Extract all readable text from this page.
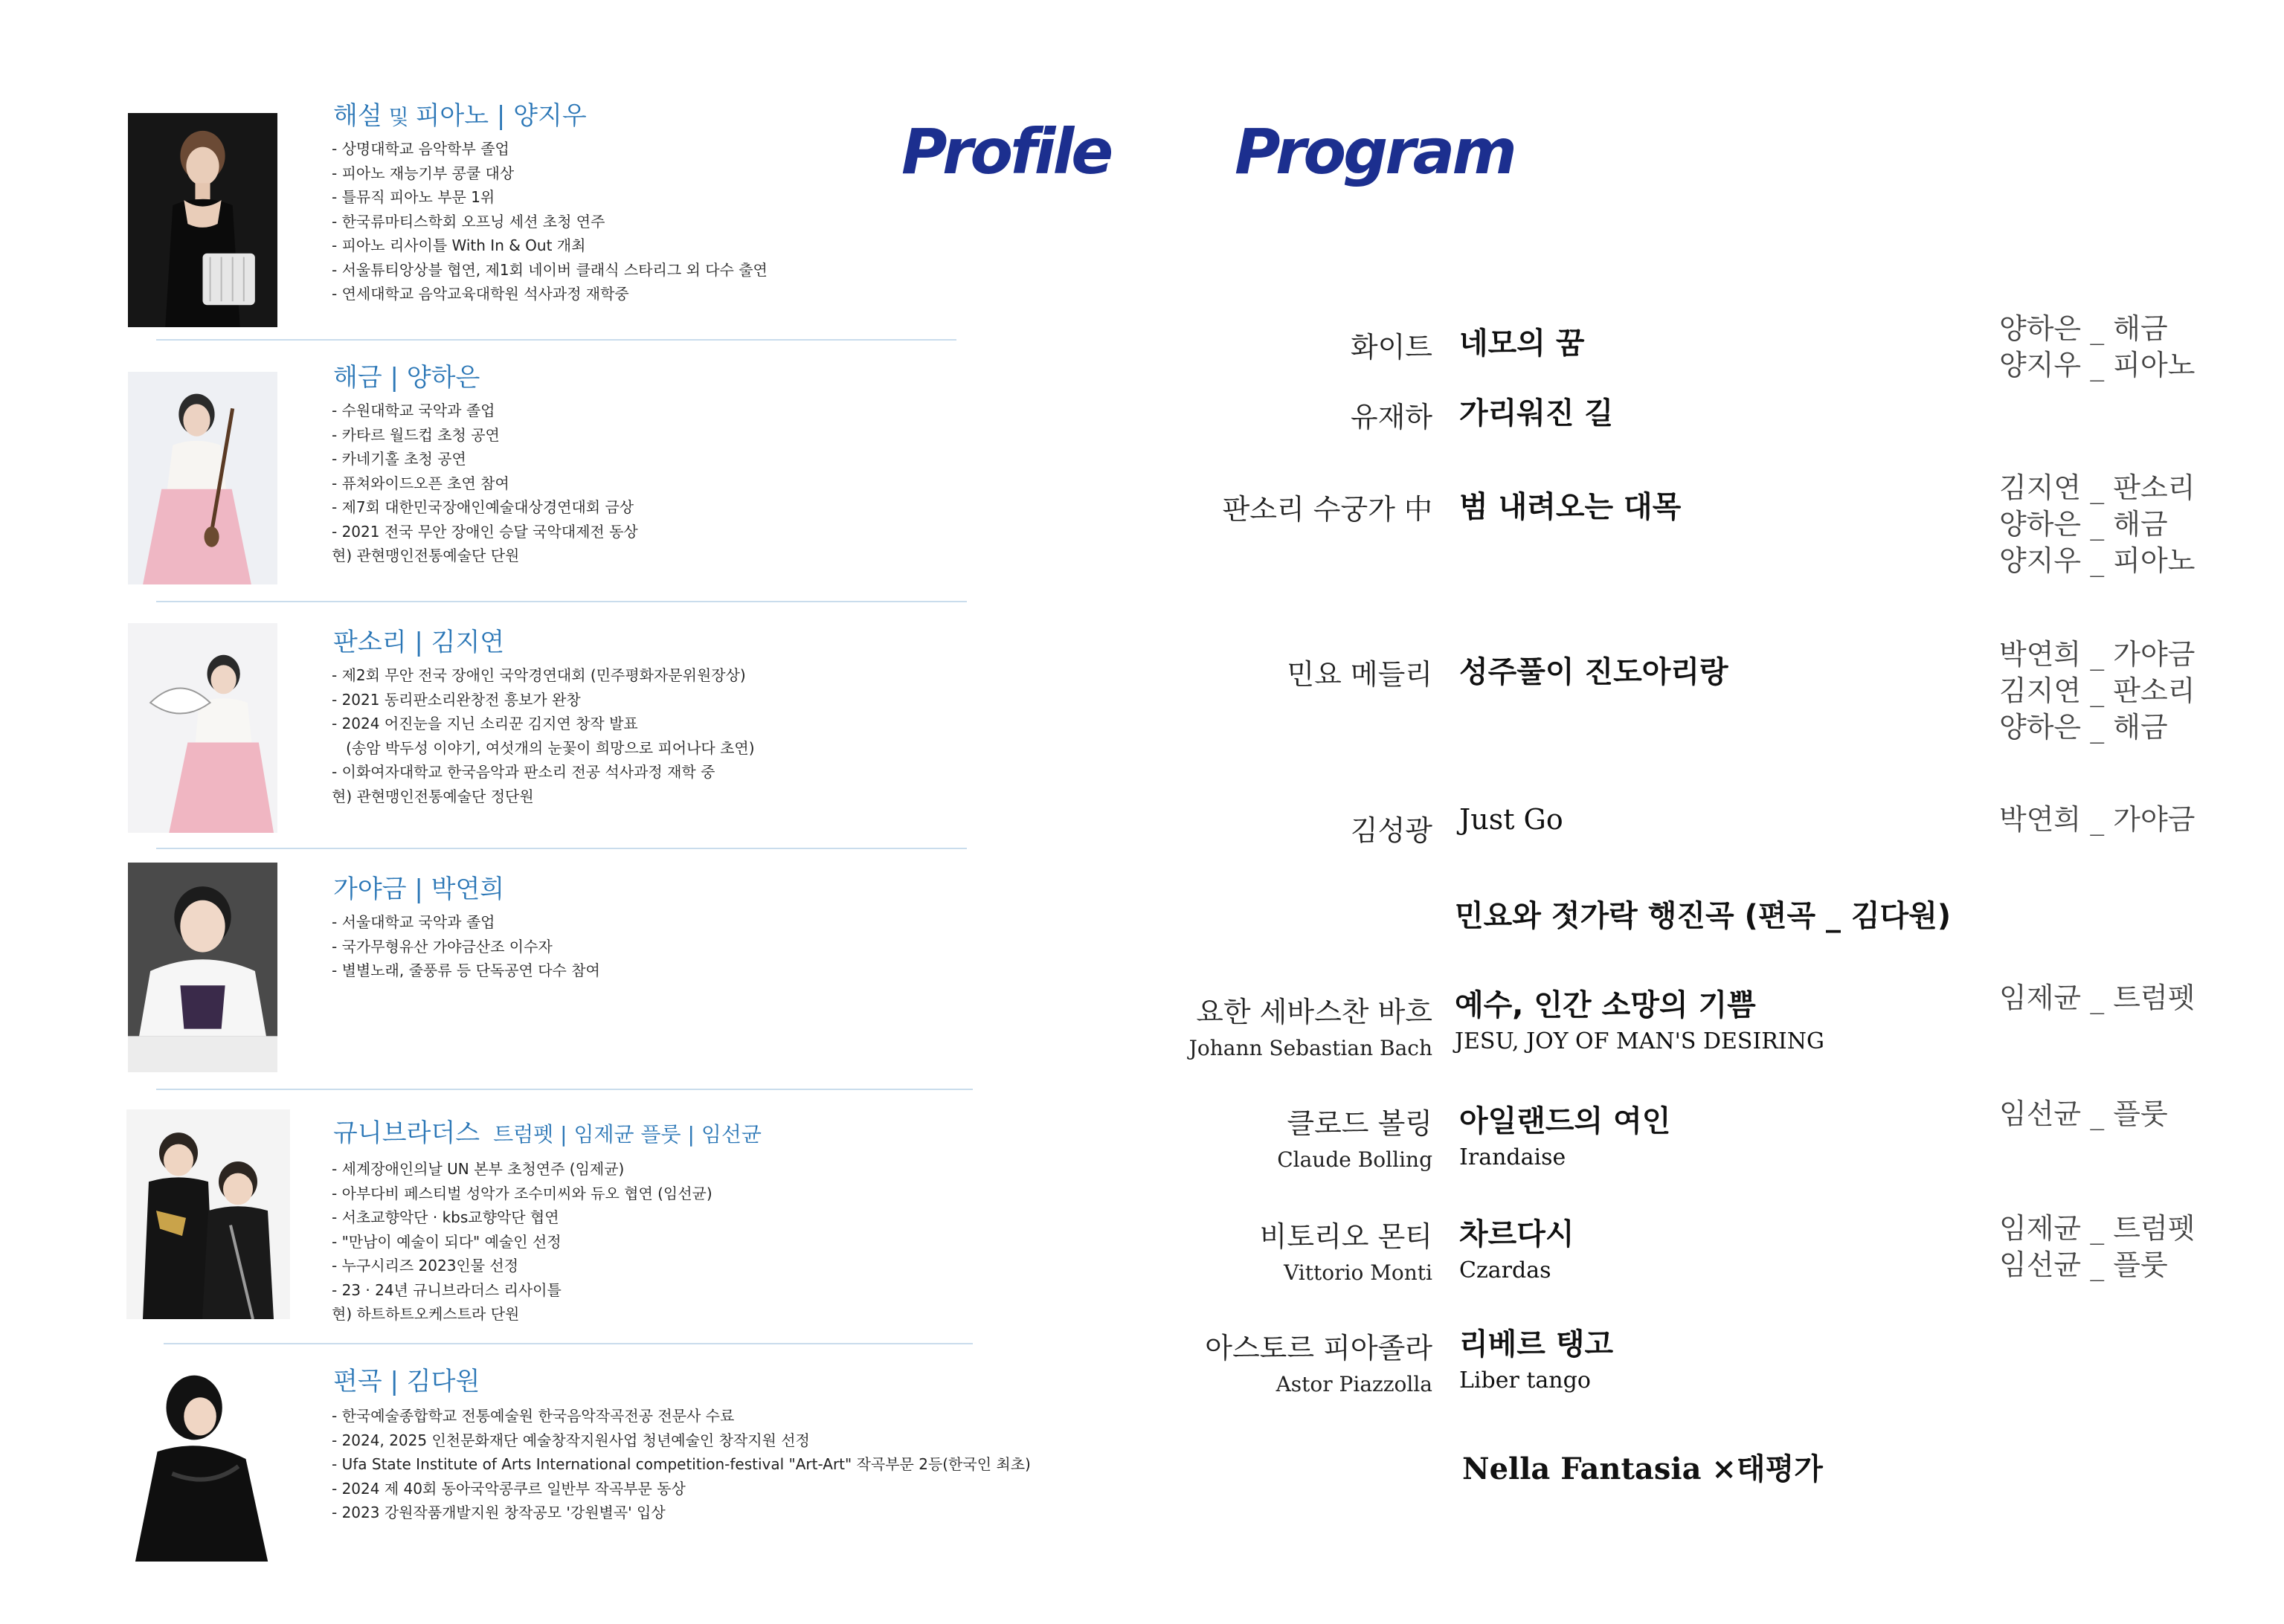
Profile Program
해설 및 피아노 | 양지우
- 상명대학교 음악학부 졸업
- 피아노 재능기부 콩쿨 대상
- 틀뮤직 피아노 부문 1위
- 한국류마티스학회 오프닝 세션 초청 연주
- 피아노 리사이틀 With In & Out 개최
- 서울튜티앙상블 협연, 제1회 네이버 클래식 스타리그 외 다수 출연
- 연세대학교 음악교육대학원 석사과정 재학중
해금 | 양하은
- 수원대학교 국악과 졸업
- 카타르 월드컵 초청 공연
- 카네기홀 초청 공연
- 퓨쳐와이드오픈 초연 참여
- 제7회 대한민국장애인예술대상경연대회 금상
- 2021 전국 무안 장애인 승달 국악대제전 동상
현) 관현맹인전통예술단 단원
판소리 | 김지연
- 제2회 무안 전국 장애인 국악경연대회 (민주평화자문위원장상)
- 2021 동리판소리완창전 흥보가 완창
- 2024 어진눈을 지닌 소리꾼 김지연 창작 발표
(송암 박두성 이야기, 여섯개의 눈꽃이 희망으로 피어나다 초연)
- 이화여자대학교 한국음악과 판소리 전공 석사과정 재학 중
현) 관현맹인전통예술단 정단원
가야금 | 박연희
- 서울대학교 국악과 졸업
- 국가무형유산 가야금산조 이수자
- 별별노래, 줄풍류 등 단독공연 다수 참여
규니브라더스 트럼펫 | 임제균 플룻 | 임선균
- 세계장애인의날 UN 본부 초청연주 (임제균)
- 아부다비 페스티벌 성악가 조수미씨와 듀오 협연 (임선균)
- 서초교향악단 · kbs교향악단 협연
- "만남이 예술이 되다" 예술인 선정
- 누구시리즈 2023인물 선정
- 23 · 24년 규니브라더스 리사이틀
현) 하트하트오케스트라 단원
편곡 | 김다원
- 한국예술종합학교 전통예술원 한국음악작곡전공 전문사 수료
- 2024, 2025 인천문화재단 예술창작지원사업 청년예술인 창작지원 선정
- Ufa State Institute of Arts International competition-festival "Art-Art" 작곡부문 2등(한국인 최초)
- 2024 제 40회 동아국악콩쿠르 일반부 작곡부문 동상
- 2023 강원작품개발지원 창작공모 '강원별곡' 입상
화이트 네모의 꿈	양하은 _ 해금
양지우 _ 피아노
유재하 가리워진 길
판소리 수궁가 中 범 내려오는 대목
김지연 _ 판소리
양하은 _ 해금
양지우 _ 피아노
민요 메들리 성주풀이 진도아리랑
박연희 _ 가야금
김지연 _ 판소리
양하은 _ 해금
김성광 Just Go	박연희 _ 가야금
민요와 젓가락 행진곡 (편곡 _ 김다원)
요한 세바스찬 바흐
Johann Sebastian Bach
예수, 인간 소망의 기쁨
JESU, JOY OF MAN'S DESIRING
임제균 _ 트럼펫
클로드 볼링
Claude Bolling
아일랜드의 여인
Irandaise
임선균 _ 플룻
비토리오 몬티
Vittorio Monti
차르다시
Czardas
임제균 _ 트럼펫
임선균 _ 플룻
아스토르 피아졸라
Astor Piazzolla
리베르 탱고
Liber tango
Nella Fantasia ×태평가
